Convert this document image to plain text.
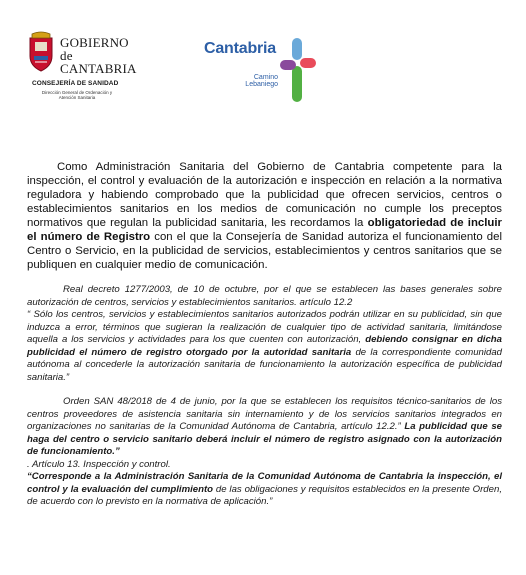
GOBIERNO
de
CANTABRIA
CONSEJERÍA DE SANIDAD
Dirección General de Ordenación y Atención Sanitaria
Cantabria
Camino
Lebaniego

Como Administración Sanitaria del Gobierno de Cantabria competente para la inspección, el control y evaluación de la autorización e inspección en relación a la normativa reguladora y habiendo comprobado que la publicidad que ofrecen servicios, centros o establecimientos sanitarios en los medios de comunicación no cumple los preceptos normativos que regulan la publicidad sanitaria, les recordamos la obligatoriedad de incluir el número de Registro con el que la Consejería de Sanidad autoriza el funcionamiento del Centro o Servicio, en la publicidad de servicios, establecimientos y centros sanitarios que se publiquen en cualquier medio de comunicación.

Real decreto 1277/2003, de 10 de octubre, por el que se establecen las bases generales sobre autorización de centros, servicios y establecimientos sanitarios. artículo 12.2
“ Sólo los centros, servicios y establecimientos sanitarios autorizados podrán utilizar en su publicidad, sin que induzca a error, términos que sugieran la realización de cualquier tipo de actividad sanitaria, limitándose aquella a los servicios y actividades para los que cuenten con autorización, debiendo consignar en dicha publicidad el número de registro otorgado por la autoridad sanitaria de la correspondiente comunidad autónoma al concederle la autorización sanitaria de funcionamiento la autorización específica de publicidad sanitaria.”

Orden SAN 48/2018 de 4 de junio, por la que se establecen los requisitos técnico-sanitarios de los centros proveedores de asistencia sanitaria sin internamiento y de los servicios sanitarios integrados en organizaciones no sanitarias de la Comunidad Autónoma de Cantabria, artículo 12.2.” La publicidad que se haga del centro o servicio sanitario deberá incluir el número de registro asignado con la autorización de funcionamiento.”
. Artículo 13. Inspección y control.
“Corresponde a la Administración Sanitaria de la Comunidad Autónoma de Cantabria la inspección, el control y la evaluación del cumplimiento de las obligaciones y requisitos establecidos en la presente Orden, de acuerdo con lo previsto en la normativa de aplicación.”
